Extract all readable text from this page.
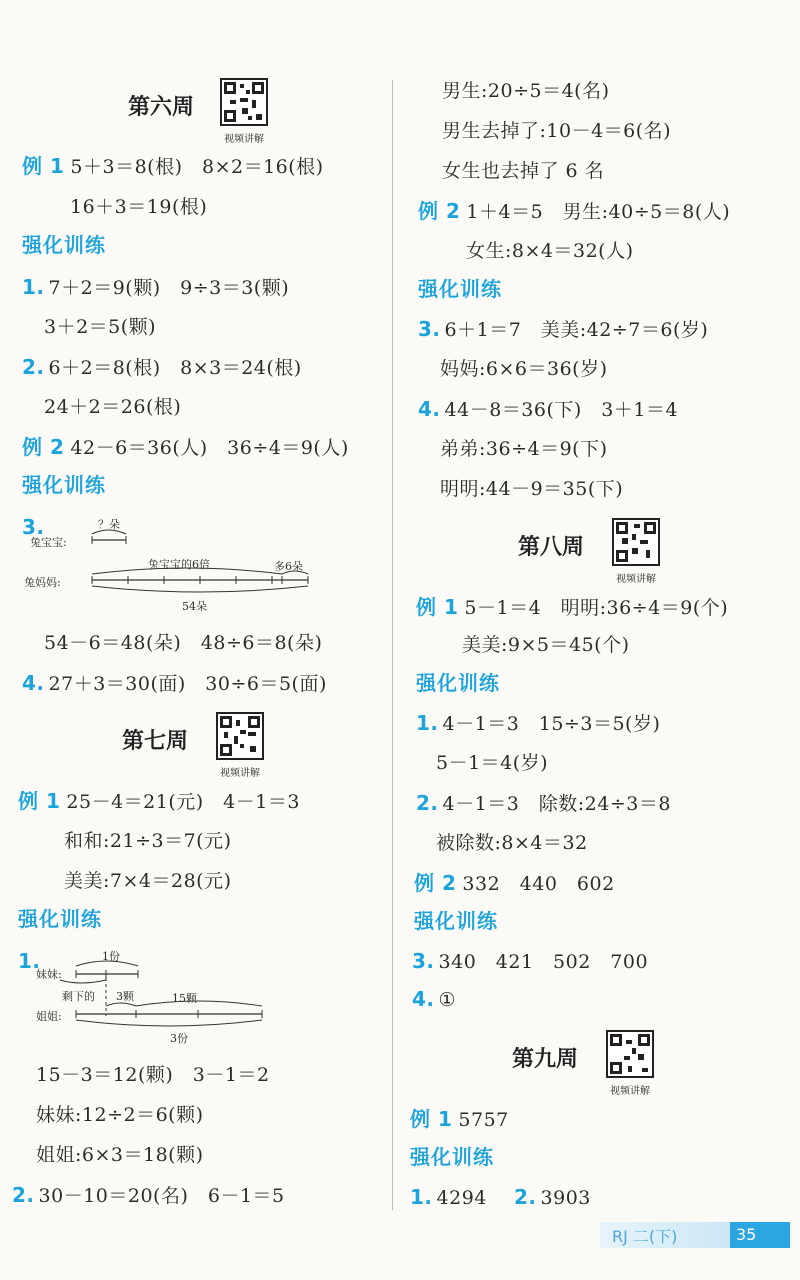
第六周
视频讲解
例 1 5＋3＝8(根)　8×2＝16(根)
16＋3＝19(根)
强化训练
1. 7＋2＝9(颗)　9÷3＝3(颗)
3＋2＝5(颗)
2. 6＋2＝8(根)　8×3＝24(根)
24＋2＝26(根)
例 2 42－6＝36(人)　36÷4＝9(人)
强化训练
3.	？朵
兔宝宝:
兔宝宝的6倍	多6朵
兔妈妈:
54朵
54－6＝48(朵)　48÷6＝8(朵)
4. 27＋3＝30(面)　30÷6＝5(面)
第七周
视频讲解
例 1 25－4＝21(元)　4－1＝3
和和:21÷3＝7(元)
美美:7×4＝28(元)
强化训练
1.	1份
妹妹:
剩下的 3颗	15颗
姐姐:
3份
15－3＝12(颗)　3－1＝2
妹妹:12÷2＝6(颗)
姐姐:6×3＝18(颗)
2. 30－10＝20(名)　6－1＝5
男生:20÷5＝4(名)
男生去掉了:10－4＝6(名)
女生也去掉了 6 名
例 2 1＋4＝5　男生:40÷5＝8(人)
女生:8×4＝32(人)
强化训练
3. 6＋1＝7　美美:42÷7＝6(岁)
妈妈:6×6＝36(岁)
4. 44－8＝36(下)　3＋1＝4
弟弟:36÷4＝9(下)
明明:44－9＝35(下)
第八周
视频讲解
例 1 5－1＝4　明明:36÷4＝9(个)
美美:9×5＝45(个)
强化训练
1. 4－1＝3　15÷3＝5(岁)
5－1＝4(岁)
2. 4－1＝3　除数:24÷3＝8
被除数:8×4＝32
例 2 332　440　602
强化训练
3. 340　421　502　700
4. ①
第九周
视频讲解
例 1 5757
强化训练
1. 4294 2. 3903
RJ 二(下)	35
